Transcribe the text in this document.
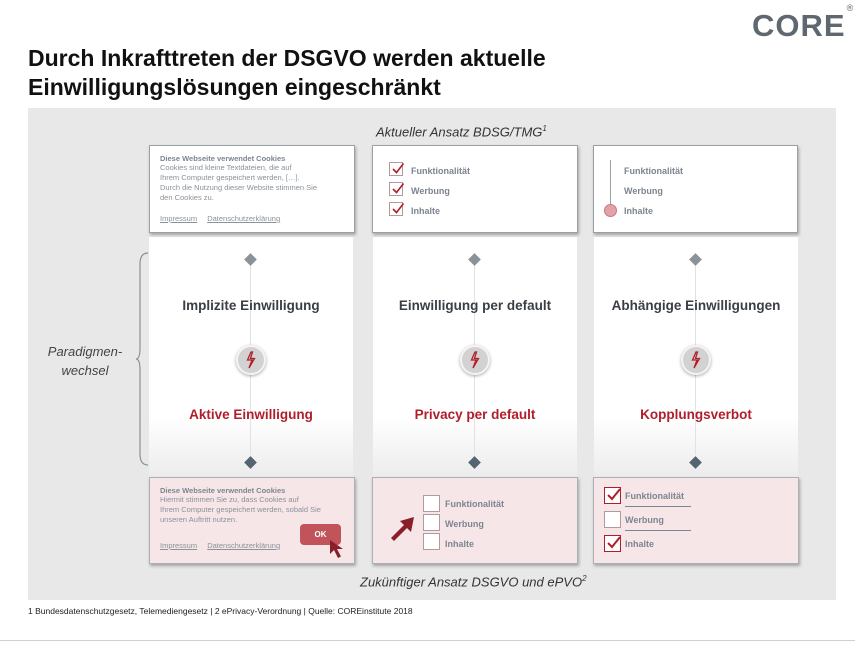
CORE®
Durch Inkrafttreten der DSGVO werden aktuelle Einwilligungslösungen eingeschränkt
Aktueller Ansatz BDSG/TMG$^1$
Implizite Einwilligung
Aktive Einwilligung
Einwilligung per default
Privacy per default
Abhängige Einwilligungen
Kopplungsverbot
Diese Webseite verwendet Cookies
Cookies sind kleine Textdateien, die auf
Ihrem Computer gespeichert werden, […].
Durch die Nutzung dieser Website stimmen Sie
den Cookies zu.
Impressum Datenschutzerklärung
Funktionalität
Werbung
Inhalte
Funktionalität
Werbung
Inhalte
Diese Webseite verwendet Cookies
Hiermit stimmen Sie zu, dass Cookies auf
Ihrem Computer gespeichert werden, sobald Sie
unseren Auftritt nutzen.
Impressum Datenschutzerklärung
OK
Funktionalität
Werbung
Inhalte
Funktionalität
Werbung
Inhalte
Zukünftiger Ansatz DSGVO und ePVO$^2$
Paradigmen-
wechsel
1 Bundesdatenschutzgesetz, Telemediengesetz | 2 ePrivacy-Verordnung | Quelle: COREinstitute 2018
